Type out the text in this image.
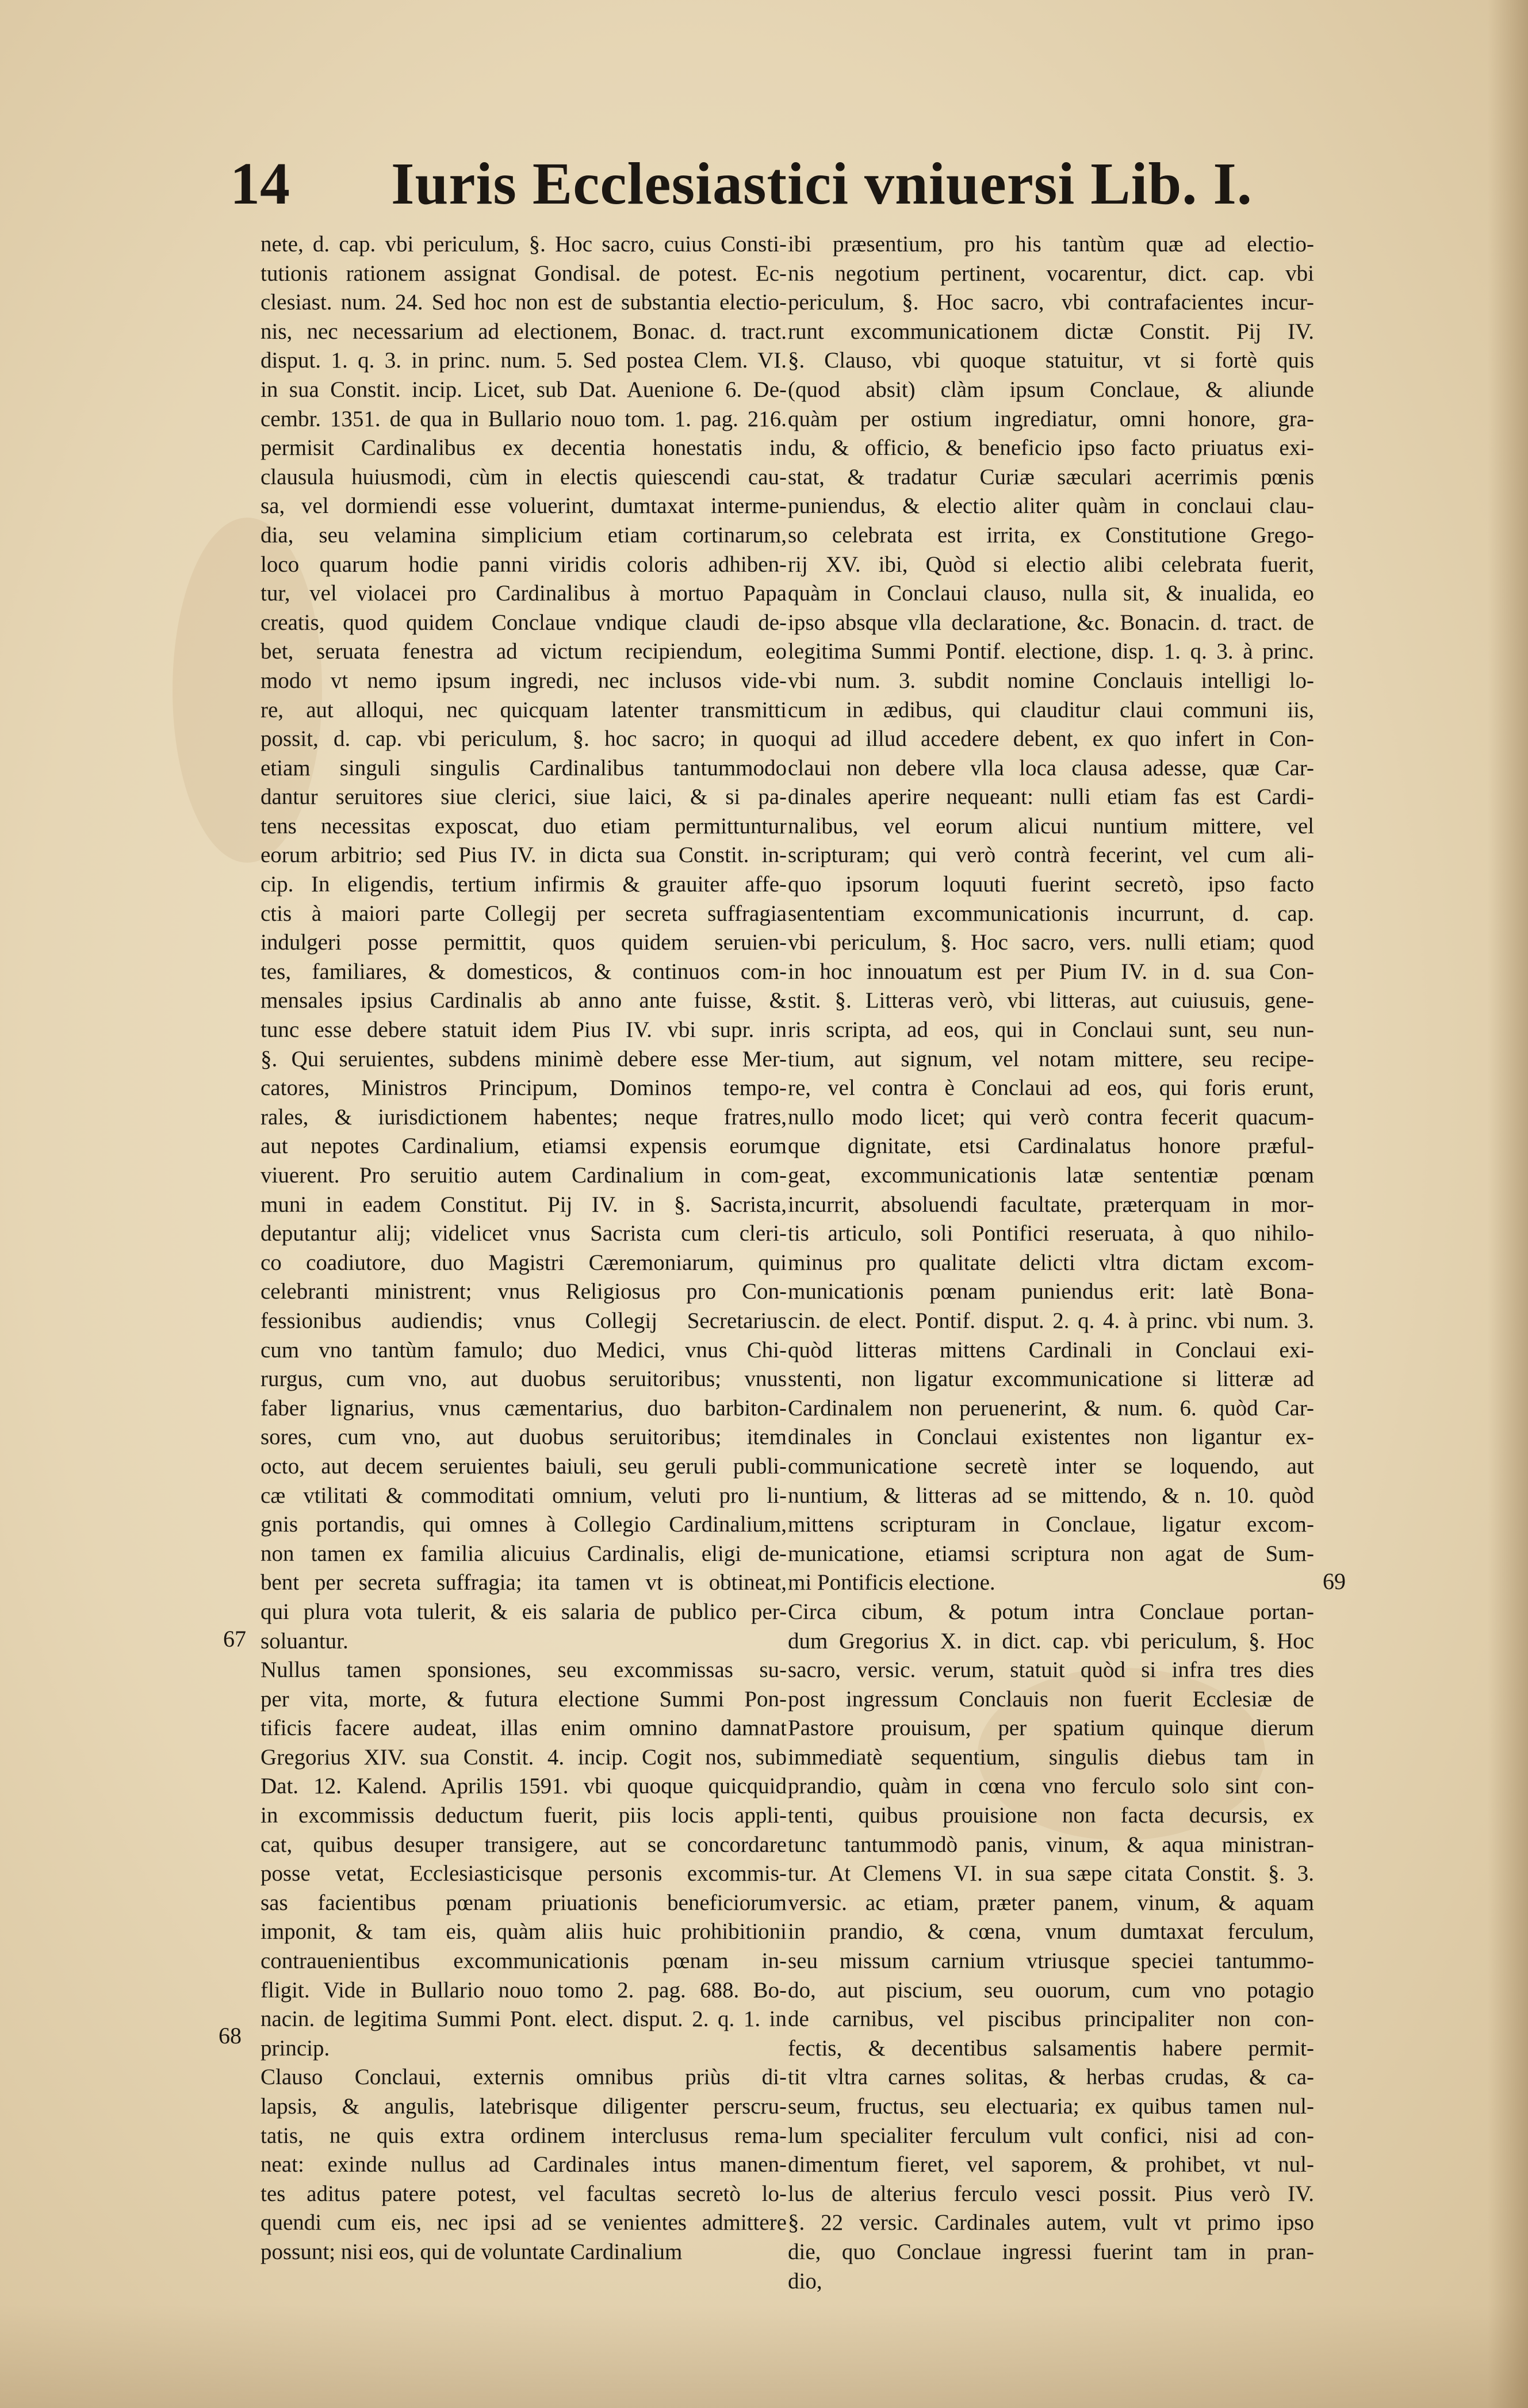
14 Iuris Ecclesiastici vniuersi Lib. I.
nete, d. cap. vbi periculum, §. Hoc sacro, cuius Consti-
tutionis rationem assignat Gondisal. de potest. Ec-
clesiast. num. 24. Sed hoc non est de substantia electio-
nis, nec necessarium ad electionem, Bonac. d. tract.
disput. 1. q. 3. in princ. num. 5. Sed postea Clem. VI.
in sua Constit. incip. Licet, sub Dat. Auenione 6. De-
cembr. 1351. de qua in Bullario nouo tom. 1. pag. 216.
permisit Cardinalibus ex decentia honestatis in
clausula huiusmodi, cùm in electis quiescendi cau-
sa, vel dormiendi esse voluerint, dumtaxat interme-
dia, seu velamina simplicium etiam cortinarum,
loco quarum hodie panni viridis coloris adhiben-
tur, vel violacei pro Cardinalibus à mortuo Papa
creatis, quod quidem Conclaue vndique claudi de-
bet, seruata fenestra ad victum recipiendum, eo
modo vt nemo ipsum ingredi, nec inclusos vide-
re, aut alloqui, nec quicquam latenter transmitti
possit, d. cap. vbi periculum, §. hoc sacro; in quo
etiam singuli singulis Cardinalibus tantummodo
dantur seruitores siue clerici, siue laici, & si pa-
tens necessitas exposcat, duo etiam permittuntur
eorum arbitrio; sed Pius IV. in dicta sua Constit. in-
cip. In eligendis, tertium infirmis & grauiter affe-
ctis à maiori parte Collegij per secreta suffragia
indulgeri posse permittit, quos quidem seruien-
tes, familiares, & domesticos, & continuos com-
mensales ipsius Cardinalis ab anno ante fuisse, &
tunc esse debere statuit idem Pius IV. vbi supr. in
§. Qui seruientes, subdens minimè debere esse Mer-
catores, Ministros Principum, Dominos tempo-
rales, & iurisdictionem habentes; neque fratres,
aut nepotes Cardinalium, etiamsi expensis eorum
viuerent. Pro seruitio autem Cardinalium in com-
muni in eadem Constitut. Pij IV. in §. Sacrista,
deputantur alij; videlicet vnus Sacrista cum cleri-
co coadiutore, duo Magistri Cæremoniarum, qui
celebranti ministrent; vnus Religiosus pro Con-
fessionibus audiendis; vnus Collegij Secretarius
cum vno tantùm famulo; duo Medici, vnus Chi-
rurgus, cum vno, aut duobus seruitoribus; vnus
faber lignarius, vnus cæmentarius, duo barbiton-
sores, cum vno, aut duobus seruitoribus; item
octo, aut decem seruientes baiuli, seu geruli publi-
cæ vtilitati & commoditati omnium, veluti pro li-
gnis portandis, qui omnes à Collegio Cardinalium,
non tamen ex familia alicuius Cardinalis, eligi de-
bent per secreta suffragia; ita tamen vt is obtineat,
qui plura vota tulerit, & eis salaria de publico per-
soluantur.
Nullus tamen sponsiones, seu excommissas su-
per vita, morte, & futura electione Summi Pon-
tificis facere audeat, illas enim omnino damnat
Gregorius XIV. sua Constit. 4. incip. Cogit nos, sub
Dat. 12. Kalend. Aprilis 1591. vbi quoque quicquid
in excommissis deductum fuerit, piis locis appli-
cat, quibus desuper transigere, aut se concordare
posse vetat, Ecclesiasticisque personis excommis-
sas facientibus pœnam priuationis beneficiorum
imponit, & tam eis, quàm aliis huic prohibitioni
contrauenientibus excommunicationis pœnam in-
fligit. Vide in Bullario nouo tomo 2. pag. 688. Bo-
nacin. de legitima Summi Pont. elect. disput. 2. q. 1. in
princip.
Clauso Conclaui, externis omnibus priùs di-
lapsis, & angulis, latebrisque diligenter perscru-
tatis, ne quis extra ordinem interclusus rema-
neat: exinde nullus ad Cardinales intus manen-
tes aditus patere potest, vel facultas secretò lo-
quendi cum eis, nec ipsi ad se venientes admittere
possunt; nisi eos, qui de voluntate Cardinalium
ibi præsentium, pro his tantùm quæ ad electio-
nis negotium pertinent, vocarentur, dict. cap. vbi
periculum, §. Hoc sacro, vbi contrafacientes incur-
runt excommunicationem dictæ Constit. Pij IV.
§. Clauso, vbi quoque statuitur, vt si fortè quis
(quod absit) clàm ipsum Conclaue, & aliunde
quàm per ostium ingrediatur, omni honore, gra-
du, & officio, & beneficio ipso facto priuatus exi-
stat, & tradatur Curiæ sæculari acerrimis pœnis
puniendus, & electio aliter quàm in conclaui clau-
so celebrata est irrita, ex Constitutione Grego-
rij XV. ibi, Quòd si electio alibi celebrata fuerit,
quàm in Conclaui clauso, nulla sit, & inualida, eo
ipso absque vlla declaratione, &c. Bonacin. d. tract. de
legitima Summi Pontif. electione, disp. 1. q. 3. à princ.
vbi num. 3. subdit nomine Conclauis intelligi lo-
cum in ædibus, qui clauditur claui communi iis,
qui ad illud accedere debent, ex quo infert in Con-
claui non debere vlla loca clausa adesse, quæ Car-
dinales aperire nequeant: nulli etiam fas est Cardi-
nalibus, vel eorum alicui nuntium mittere, vel
scripturam; qui verò contrà fecerint, vel cum ali-
quo ipsorum loquuti fuerint secretò, ipso facto
sententiam excommunicationis incurrunt, d. cap.
vbi periculum, §. Hoc sacro, vers. nulli etiam; quod
in hoc innouatum est per Pium IV. in d. sua Con-
stit. §. Litteras verò, vbi litteras, aut cuiusuis, gene-
ris scripta, ad eos, qui in Conclaui sunt, seu nun-
tium, aut signum, vel notam mittere, seu recipe-
re, vel contra è Conclaui ad eos, qui foris erunt,
nullo modo licet; qui verò contra fecerit quacum-
que dignitate, etsi Cardinalatus honore præful-
geat, excommunicationis latæ sententiæ pœnam
incurrit, absoluendi facultate, præterquam in mor-
tis articulo, soli Pontifici reseruata, à quo nihilo-
minus pro qualitate delicti vltra dictam excom-
municationis pœnam puniendus erit: latè Bona-
cin. de elect. Pontif. disput. 2. q. 4. à princ. vbi num. 3.
quòd litteras mittens Cardinali in Conclaui exi-
stenti, non ligatur excommunicatione si litteræ ad
Cardinalem non peruenerint, & num. 6. quòd Car-
dinales in Conclaui existentes non ligantur ex-
communicatione secretè inter se loquendo, aut
nuntium, & litteras ad se mittendo, & n. 10. quòd
mittens scripturam in Conclaue, ligatur excom-
municatione, etiamsi scriptura non agat de Sum-
mi Pontificis electione.
Circa cibum, & potum intra Conclaue portan-
dum Gregorius X. in dict. cap. vbi periculum, §. Hoc
sacro, versic. verum, statuit quòd si infra tres dies
post ingressum Conclauis non fuerit Ecclesiæ de
Pastore prouisum, per spatium quinque dierum
immediatè sequentium, singulis diebus tam in
prandio, quàm in cœna vno ferculo solo sint con-
tenti, quibus prouisione non facta decursis, ex
tunc tantummodò panis, vinum, & aqua ministran-
tur. At Clemens VI. in sua sæpe citata Constit. §. 3.
versic. ac etiam, præter panem, vinum, & aquam
in prandio, & cœna, vnum dumtaxat ferculum,
seu missum carnium vtriusque speciei tantummo-
do, aut piscium, seu ouorum, cum vno potagio
de carnibus, vel piscibus principaliter non con-
fectis, & decentibus salsamentis habere permit-
tit vltra carnes solitas, & herbas crudas, & ca-
seum, fructus, seu electuaria; ex quibus tamen nul-
lum specialiter ferculum vult confici, nisi ad con-
dimentum fieret, vel saporem, & prohibet, vt nul-
lus de alterius ferculo vesci possit. Pius verò IV.
§. 22 versic. Cardinales autem, vult vt primo ipso
die, quo Conclaue ingressi fuerint tam in pran-
dio,
67
68
69
